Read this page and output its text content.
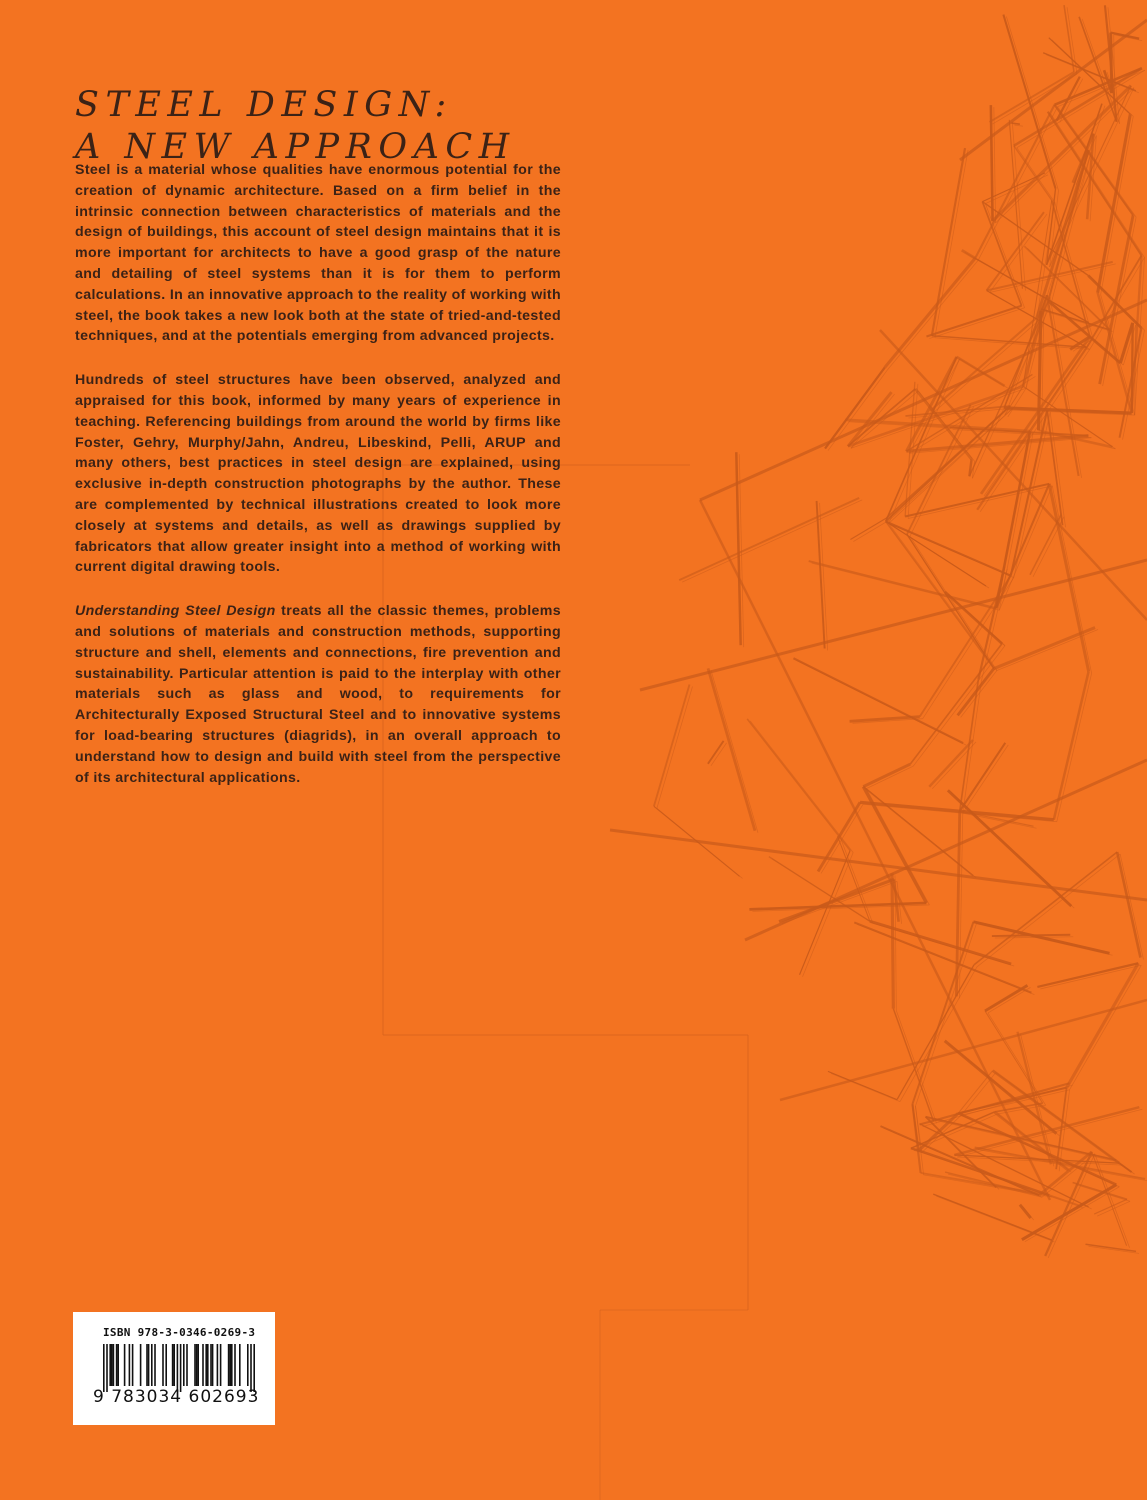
STEEL DESIGN:
A NEW APPROACH

Steel is a material whose qualities have enormous potential for the creation of dynamic architecture. Based on a firm belief in the intrinsic connection between characteristics of materials and the design of buildings, this account of steel design maintains that it is more important for architects to have a good grasp of the nature and detailing of steel systems than it is for them to perform calculations. In an innovative approach to the reality of working with steel, the book takes a new look both at the state of tried-and-tested techniques, and at the potentials emerging from advanced projects.

Hundreds of steel structures have been observed, analyzed and appraised for this book, informed by many years of experience in teaching. Referencing buildings from around the world by firms like Foster, Gehry, Murphy/Jahn, Andreu, Libeskind, Pelli, ARUP and many others, best practices in steel design are explained, using exclusive in-depth construction photographs by the author. These are complemented by technical illustrations created to look more closely at systems and details, as well as drawings supplied by fabricators that allow greater insight into a method of working with current digital drawing tools.

Understanding Steel Design treats all the classic themes, problems and solutions of materials and construction methods, supporting structure and shell, elements and connections, fire prevention and sustainability. Particular attention is paid to the interplay with other materials such as glass and wood, to requirements for Architecturally Exposed Structural Steel and to innovative systems for load-bearing structures (diagrids), in an overall approach to understand how to design and build with steel from the perspective of its architectural applications.

ISBN 978-3-0346-0269-3
9 783034 602693
